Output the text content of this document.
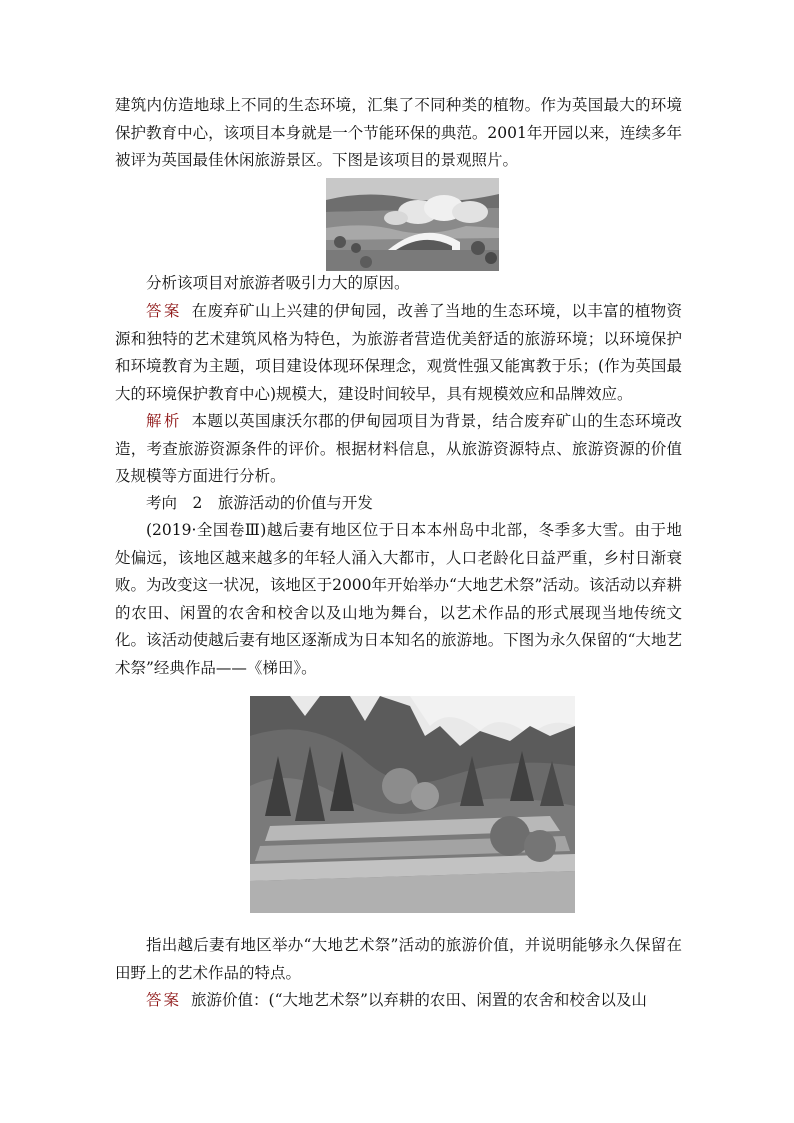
建筑内仿造地球上不同的生态环境，汇集了不同种类的植物。作为英国最大的环境保护教育中心，该项目本身就是一个节能环保的典范。2001年开园以来，连续多年被评为英国最佳休闲旅游景区。下图是该项目的景观照片。

分析该项目对旅游者吸引力大的原因。

答案 在废弃矿山上兴建的伊甸园，改善了当地的生态环境，以丰富的植物资源和独特的艺术建筑风格为特色，为旅游者营造优美舒适的旅游环境；以环境保护和环境教育为主题，项目建设体现环保理念，观赏性强又能寓教于乐；(作为英国最大的环境保护教育中心)规模大，建设时间较早，具有规模效应和品牌效应。

解析 本题以英国康沃尔郡的伊甸园项目为背景，结合废弃矿山的生态环境改造，考查旅游资源条件的评价。根据材料信息，从旅游资源特点、旅游资源的价值及规模等方面进行分析。

考向　2　旅游活动的价值与开发

(2019·全国卷Ⅲ)越后妻有地区位于日本本州岛中北部，冬季多大雪。由于地处偏远，该地区越来越多的年轻人涌入大都市，人口老龄化日益严重，乡村日渐衰败。为改变这一状况，该地区于2000年开始举办“大地艺术祭”活动。该活动以弃耕的农田、闲置的农舍和校舍以及山地为舞台，以艺术作品的形式展现当地传统文化。该活动使越后妻有地区逐渐成为日本知名的旅游地。下图为永久保留的“大地艺术祭”经典作品——《梯田》。

指出越后妻有地区举办“大地艺术祭”活动的旅游价值，并说明能够永久保留在田野上的艺术作品的特点。

答案 旅游价值：(“大地艺术祭”以弃耕的农田、闲置的农舍和校舍以及山
